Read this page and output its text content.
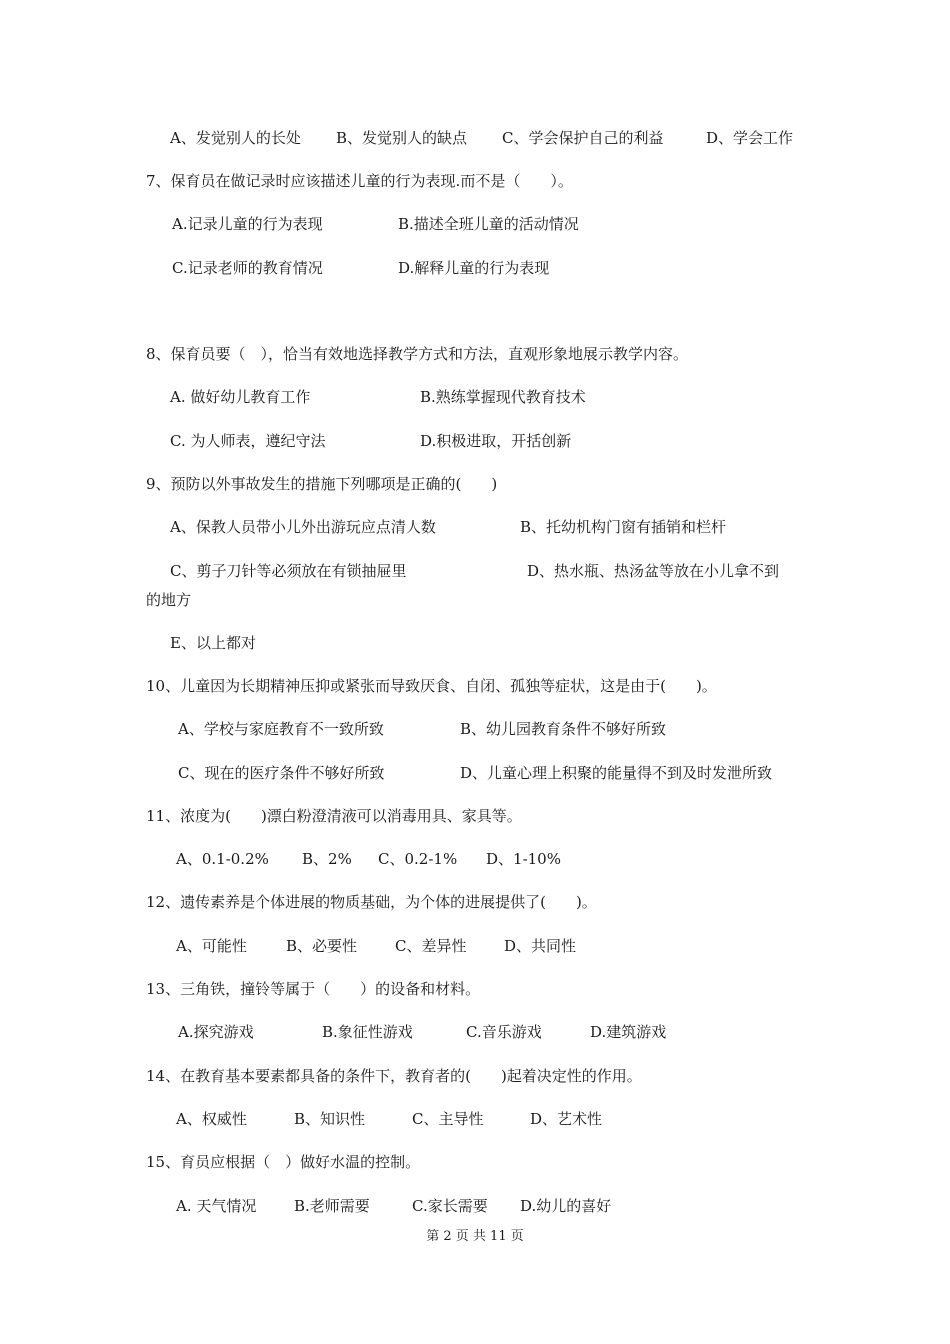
A、发觉别人的长处 B、发觉别人的缺点 C、学会保护自己的利益	D、学会工作
7、保育员在做记录时应该描述儿童的行为表现.而不是（　　）。
A.记录儿童的行为表现	B.描述全班儿童的活动情况
C.记录老师的教育情况	D.解释儿童的行为表现
8、保育员要（　），恰当有效地选择教学方式和方法，直观形象地展示教学内容。
A. 做好幼儿教育工作	B.熟练掌握现代教育技术
C. 为人师表，遵纪守法	D.积极进取，开括创新
9、预防以外事故发生的措施下列哪项是正确的(　　)
A、保教人员带小儿外出游玩应点清人数	B、托幼机构门窗有插销和栏杆
C、剪子刀针等必须放在有锁抽屉里	D、热水瓶、热汤盆等放在小儿拿不到
的地方
E、以上都对
10、儿童因为长期精神压抑或紧张而导致厌食、自闭、孤独等症状，这是由于(　　)。
A、学校与家庭教育不一致所致	B、幼儿园教育条件不够好所致
C、现在的医疗条件不够好所致	D、儿童心理上积聚的能量得不到及时发泄所致
11、浓度为(　　)漂白粉澄清液可以消毒用具、家具等。
A、0.1-0.2% B、2% C、0.2-1% D、1-10%
12、遗传素养是个体进展的物质基础，为个体的进展提供了(　　)。
A、可能性	B、必要性	C、差异性	D、共同性
13、三角铁，撞铃等属于（　　）的设备和材料。
A.探究游戏	B.象征性游戏	C.音乐游戏	D.建筑游戏
14、在教育基本要素都具备的条件下，教育者的(　　)起着决定性的作用。
A、权威性	B、知识性	C、主导性	D、艺术性
15、育员应根据（　）做好水温的控制。
A. 天气情况	B.老师需要	C.家长需要 D.幼儿的喜好
第 2 页 共 11 页
